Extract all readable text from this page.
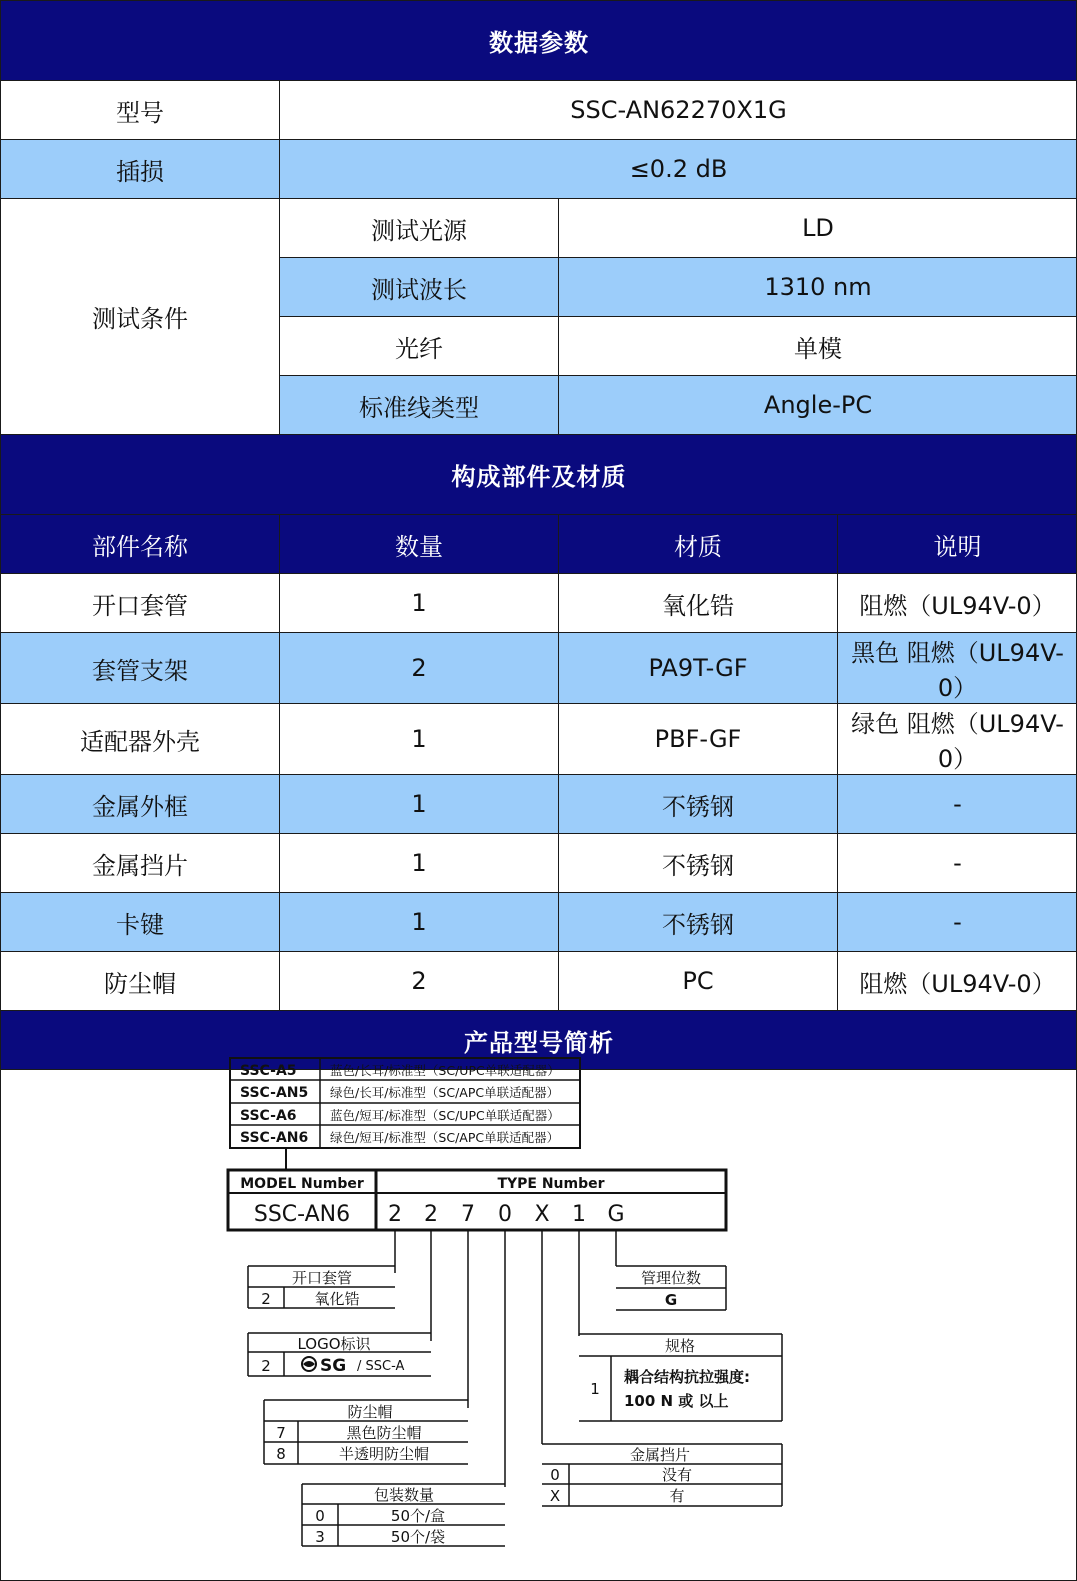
数据参数			
型号	SSC-AN62270X1G		
插损	≤0.2 dB		
测试条件	测试光源	LD	
	测试波长	1310 nm	
	光纤	单模	
	标准线类型	Angle-PC	
构成部件及材质			
部件名称	数量	材质	说明
开口套管	1	氧化锆	阻燃（UL94V-0）
套管支架	2	PA9T-GF	黑色 阻燃（UL94V-0）
适配器外壳	1	PBF-GF	绿色 阻燃（UL94V-0）
金属外框	1	不锈钢	-
金属挡片	1	不锈钢	-
卡键	1	不锈钢	-
防尘帽	2	PC	阻燃（UL94V-0）
产品型号简析			
SSC-A5	蓝色/长耳/标准型（SC/UPC单联适配器）
SSC-AN5 绿色/长耳/标准型（SC/APC单联适配器）
SSC-A6	蓝色/短耳/标准型（SC/UPC单联适配器）
SSC-AN6 绿色/短耳/标准型（SC/APC单联适配器）
MODEL Number	TYPE Number
SSC-AN6 2 2 7 0 X 1 G
开口套管
2	氧化锆
LOGO标识
2	SG / SSC-A
防尘帽
7	黑色防尘帽
8	半透明防尘帽
包装数量
0	50个/盒
3	50个/袋
管理位数
G
规格
1
耦合结构抗拉强度:
100 N 或 以上
金属挡片
0	没有
X	有
